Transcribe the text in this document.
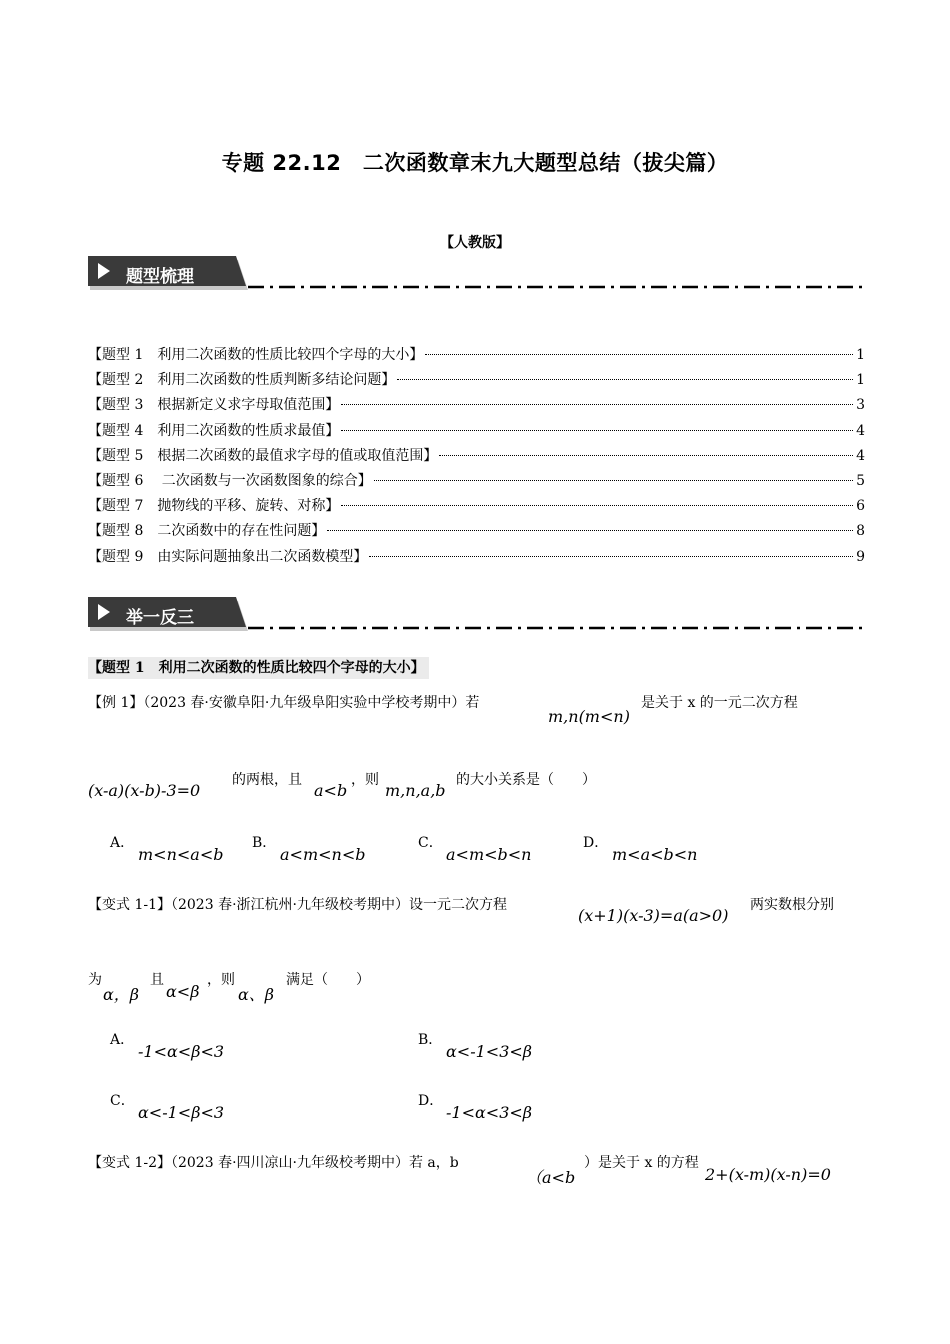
专题 22.12　二次函数章末九大题型总结（拔尖篇）
【人教版】
题型梳理
【题型 1　利用二次函数的性质比较四个字母的大小】	1
【题型 2　利用二次函数的性质判断多结论问题】	1
【题型 3　根据新定义求字母取值范围】	3
【题型 4　利用二次函数的性质求最值】	4
【题型 5　根据二次函数的最值求字母的值或取值范围】	4
【题型 6　 二次函数与一次函数图象的综合】	5
【题型 7　抛物线的平移、旋转、对称】	6
【题型 8　二次函数中的存在性问题】	8
【题型 9　由实际问题抽象出二次函数模型】	9
举一反三
【题型 1　利用二次函数的性质比较四个字母的大小】
【例 1】（2023 春·安徽阜阳·九年级阜阳实验中学校考期中）若
m,n(m<n)
是关于 x 的一元二次方程
(x-a)(x-b)-3=0
的两根，且
a<b
，则
m,n,a,b
的大小关系是（　　）
A．
m<n<a<b
B．
a<m<n<b
C．
a<m<b<n
D．
m<a<b<n
【变式 1-1】（2023 春·浙江杭州·九年级校考期中）设一元二次方程
(x+1)(x-3)=a(a>0)
两实数根分别
为
α，β
且
α<β
，则
α、β
满足（　　）
A．
-1<α<β<3
B．
α<-1<3<β
C．
α<-1<β<3
D．
-1<α<3<β
【变式 1-2】（2023 春·四川凉山·九年级校考期中）若 a，b
（a<b
）是关于 x 的方程
2+(x-m)(x-n)=0
